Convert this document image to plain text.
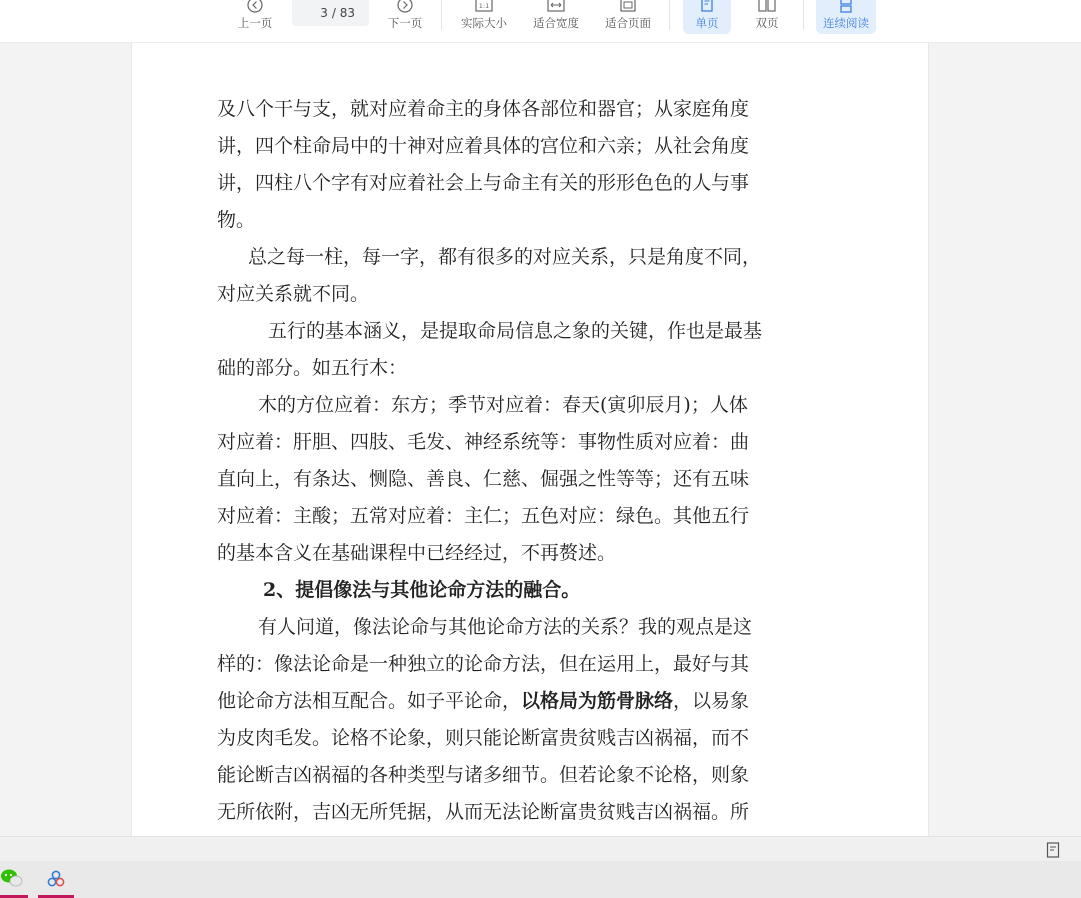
上一页
3
/ 83
下一页
1:1
实际大小 适合宽度 适合页面	单页	双页	连续阅读
及八个干与支，就对应着命主的身体各部位和器官；从家庭角度
讲，四个柱命局中的十神对应着具体的宫位和六亲；从社会角度
讲，四柱八个字有对应着社会上与命主有关的形形色色的人与事
物。
总之每一柱，每一字，都有很多的对应关系，只是角度不同，
对应关系就不同。
五行的基本涵义，是提取命局信息之象的关键，作也是最基
础的部分。如五行木：
木的方位应着：东方；季节对应着：春天(寅卯辰月)；人体
对应着：肝胆、四肢、毛发、神经系统等：事物性质对应着：曲
直向上，有条达、恻隐、善良、仁慈、倔强之性等等；还有五味
对应着：主酸；五常对应着：主仁；五色对应：绿色。其他五行
的基本含义在基础课程中已经经过，不再赘述。
2、提倡像法与其他论命方法的融合。
有人问道，像法论命与其他论命方法的关系？我的观点是这
样的：像法论命是一种独立的论命方法，但在运用上，最好与其
他论命方法相互配合。如子平论命，以格局为筋骨脉络，以易象
为皮肉毛发。论格不论象，则只能论断富贵贫贱吉凶祸福，而不
能论断吉凶祸福的各种类型与诸多细节。但若论象不论格，则象
无所依附，吉凶无所凭据，从而无法论断富贵贫贱吉凶祸福。所
